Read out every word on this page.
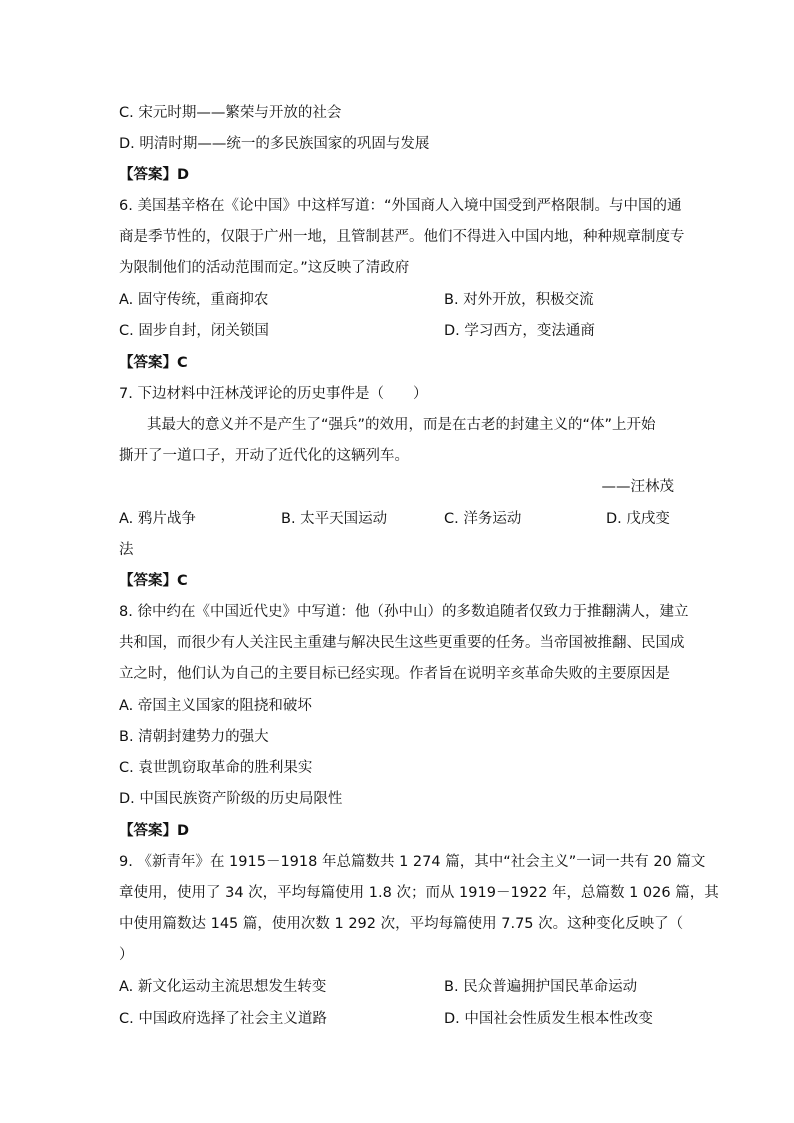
C. 宋元时期——繁荣与开放的社会
D. 明清时期——统一的多民族国家的巩固与发展
【答案】D
6. 美国基辛格在《论中国》中这样写道：“外国商人入境中国受到严格限制。与中国的通
商是季节性的，仅限于广州一地，且管制甚严。他们不得进入中国内地，种种规章制度专
为限制他们的活动范围而定。”这反映了清政府
A. 固守传统，重商抑农	B. 对外开放，积极交流
C. 固步自封，闭关锁国	D. 学习西方，变法通商
【答案】C
7. 下边材料中汪林茂评论的历史事件是（　　）
其最大的意义并不是产生了“强兵”的效用，而是在古老的封建主义的“体”上开始
撕开了一道口子，开动了近代化的这辆列车。
——汪林茂
A. 鸦片战争	B. 太平天国运动	C. 洋务运动	D. 戊戌变
法
【答案】C
8. 徐中约在《中国近代史》中写道：他（孙中山）的多数追随者仅致力于推翻满人，建立
共和国，而很少有人关注民主重建与解决民生这些更重要的任务。当帝国被推翻、民国成
立之时，他们认为自己的主要目标已经实现。作者旨在说明辛亥革命失败的主要原因是
A. 帝国主义国家的阻挠和破坏
B. 清朝封建势力的强大
C. 袁世凯窃取革命的胜利果实
D. 中国民族资产阶级的历史局限性
【答案】D
9. 《新青年》在 1915－1918 年总篇数共 1 274 篇，其中“社会主义”一词一共有 20 篇文
章使用，使用了 34 次，平均每篇使用 1.8 次；而从 1919－1922 年，总篇数 1 026 篇，其
中使用篇数达 145 篇，使用次数 1 292 次，平均每篇使用 7.75 次。这种变化反映了（
）
A. 新文化运动主流思想发生转变	B. 民众普遍拥护国民革命运动
C. 中国政府选择了社会主义道路	D. 中国社会性质发生根本性改变
